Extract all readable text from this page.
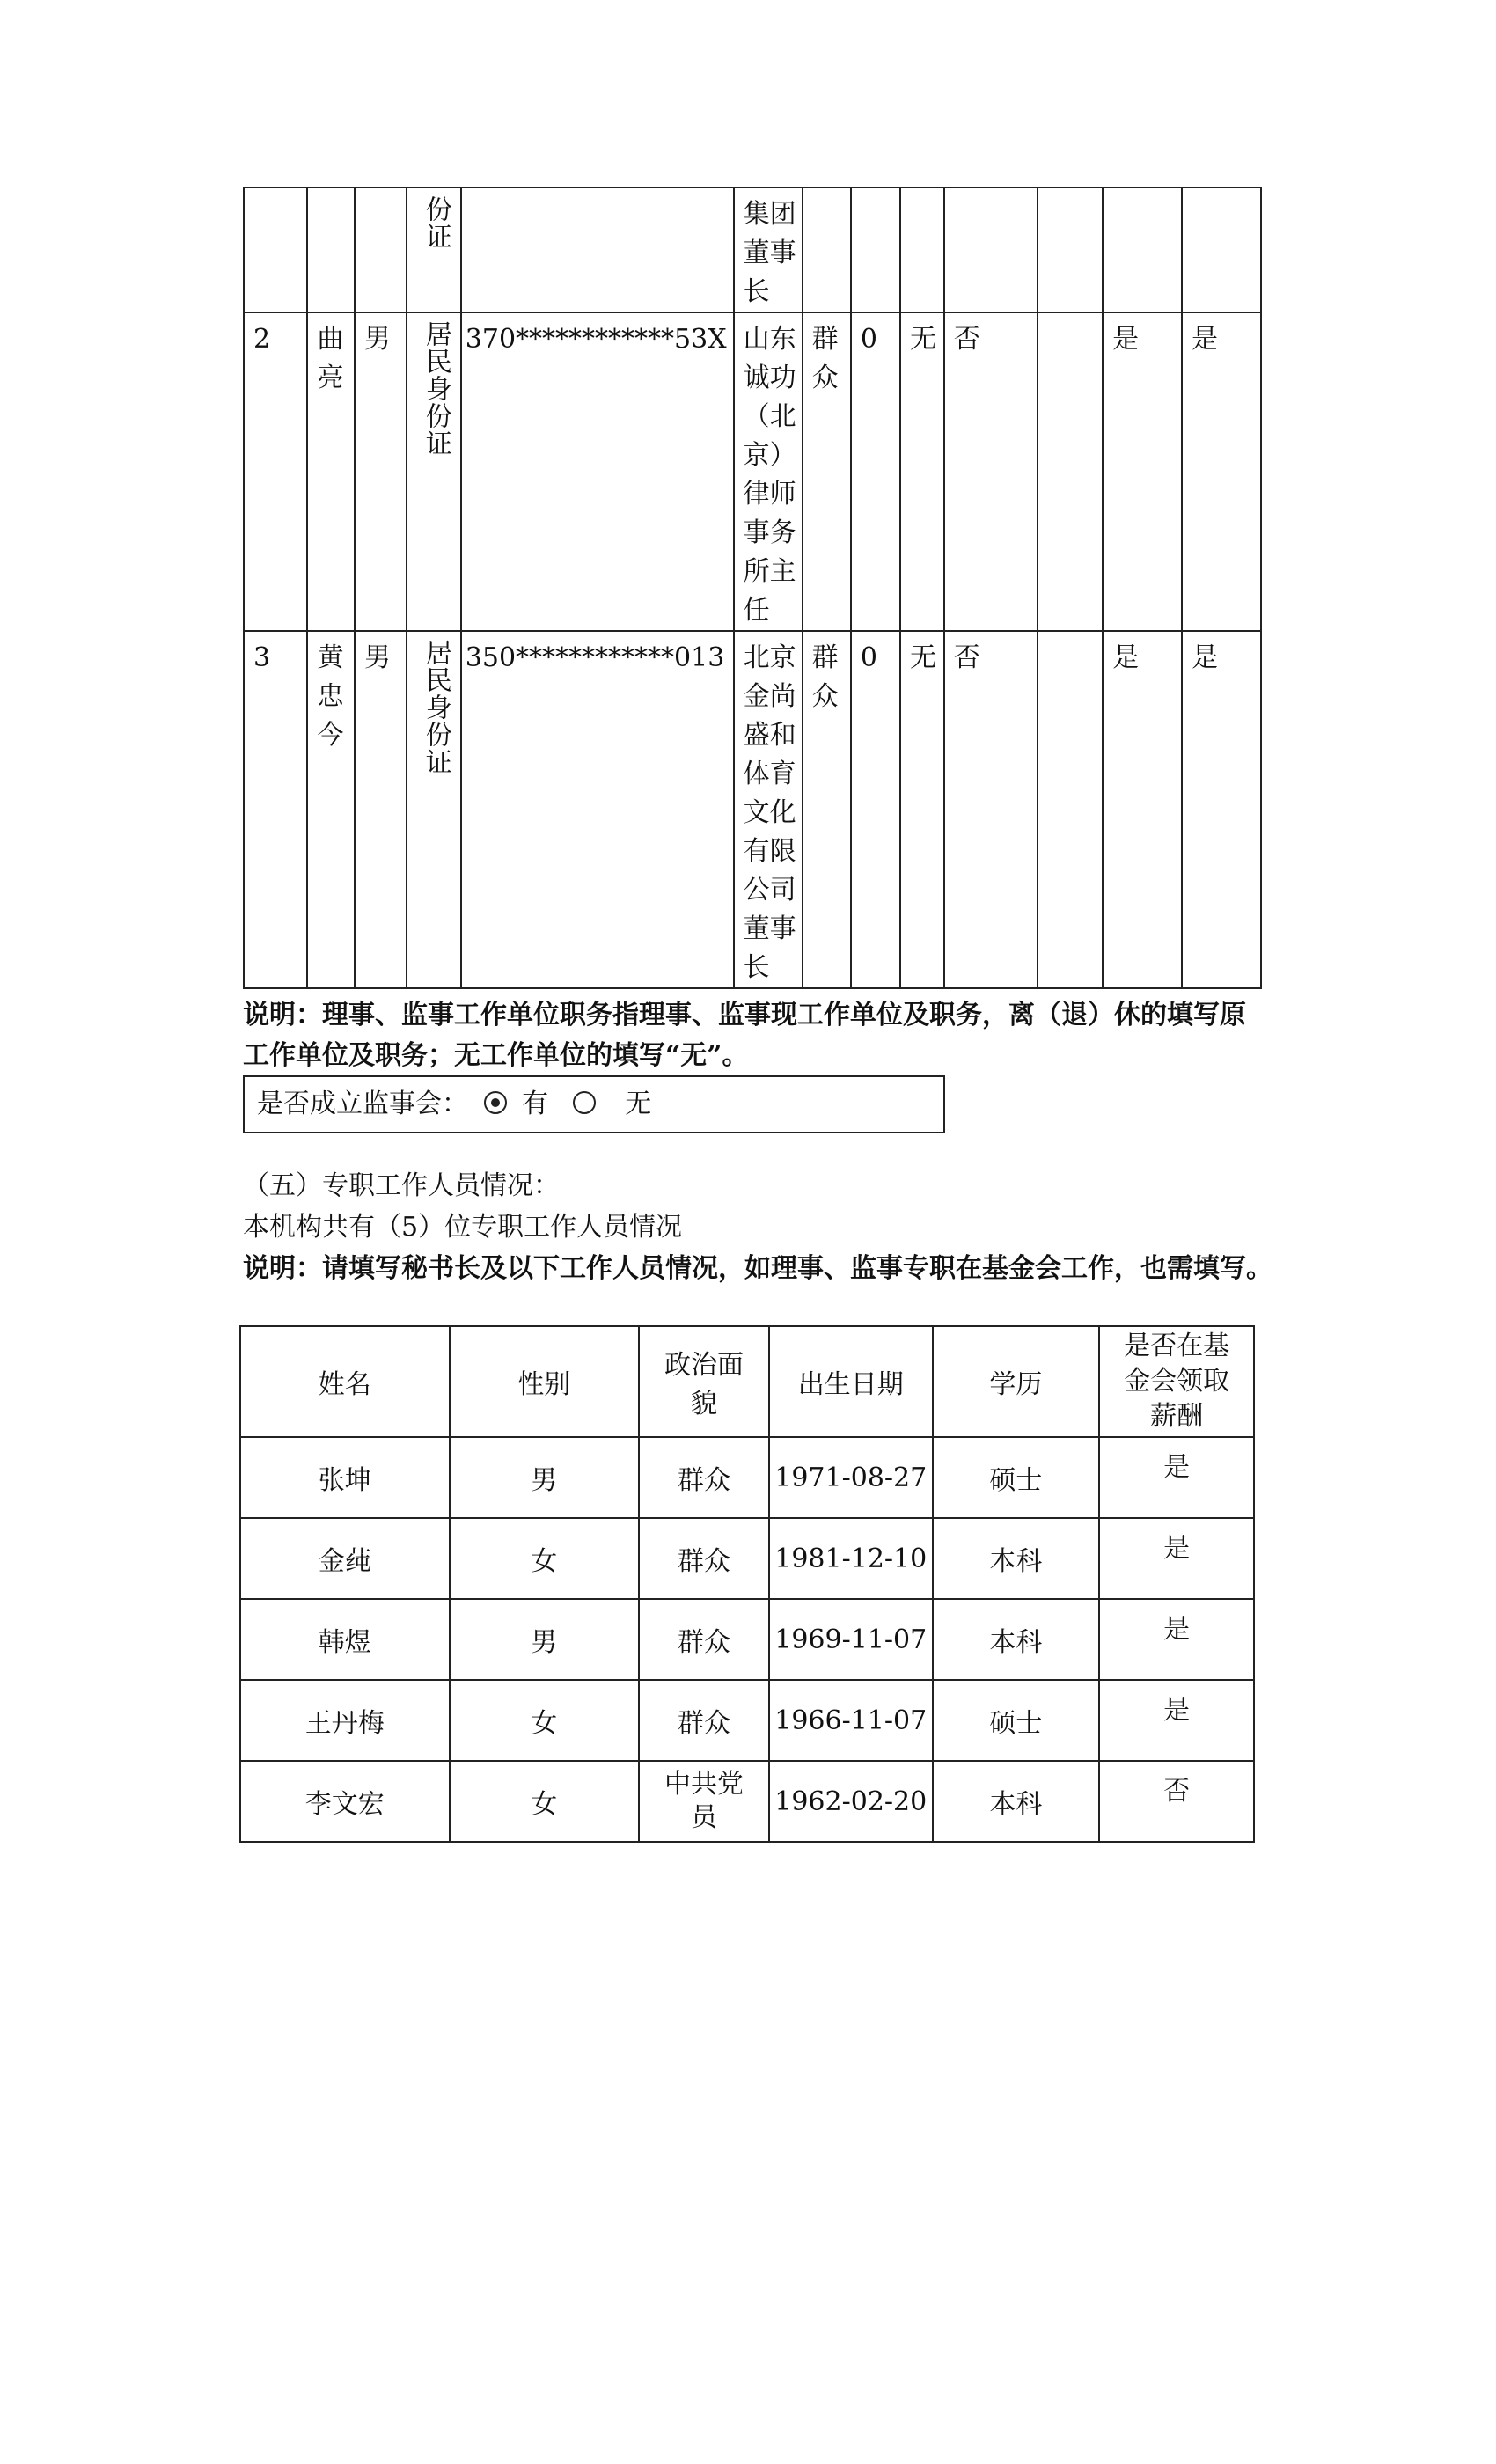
			份证		集团董事长							
2	曲亮	男	居民身份证	370************53X	山东诚功（北京）律师事务所主任	群众	0	无	否		是	是
3	黄忠今	男	居民身份证	350************013	北京金尚盛和体育文化有限公司董事长	群众	0	无	否		是	是
说明：理事、监事工作单位职务指理事、监事现工作单位及职务，离（退）休的填写原
工作单位及职务；无工作单位的填写“无”。
是否成立监事会： 有	无
（五）专职工作人员情况：
本机构共有（5）位专职工作人员情况
说明：请填写秘书长及以下工作人员情况，如理事、监事专职在基金会工作，也需填写。
姓名	性别	政治面貌	出生日期	学历	是否在基金会领取薪酬
张坤	男	群众	1971-08-27	硕士	是
金莼	女	群众	1981-12-10	本科	是
韩煜	男	群众	1969-11-07	本科	是
王丹梅	女	群众	1966-11-07	硕士	是
李文宏	女	中共党员	1962-02-20	本科	否
